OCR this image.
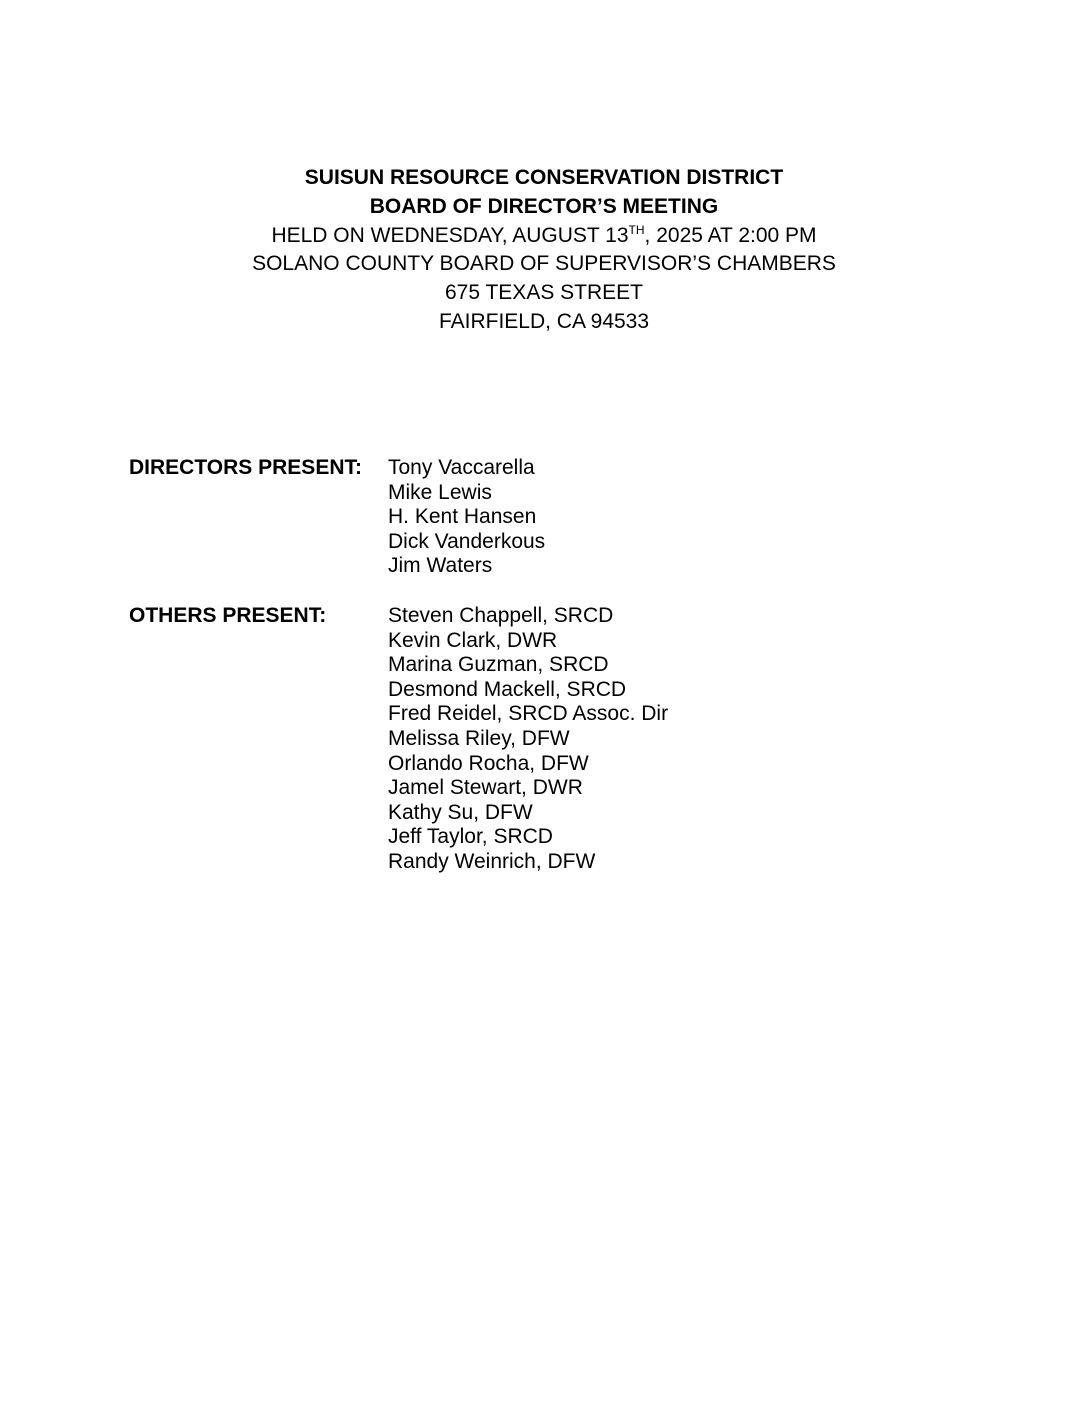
SUISUN RESOURCE CONSERVATION DISTRICT
BOARD OF DIRECTOR’S MEETING
HELD ON WEDNESDAY, AUGUST 13TH, 2025 AT 2:00 PM
SOLANO COUNTY BOARD OF SUPERVISOR’S CHAMBERS
675 TEXAS STREET
FAIRFIELD, CA 94533
DIRECTORS PRESENT:	Tony Vaccarella
Mike Lewis
H. Kent Hansen
Dick Vanderkous
Jim Waters
OTHERS PRESENT:	Steven Chappell, SRCD
Kevin Clark, DWR
Marina Guzman, SRCD
Desmond Mackell, SRCD
Fred Reidel, SRCD Assoc. Dir
Melissa Riley, DFW
Orlando Rocha, DFW
Jamel Stewart, DWR
Kathy Su, DFW
Jeff Taylor, SRCD
Randy Weinrich, DFW
